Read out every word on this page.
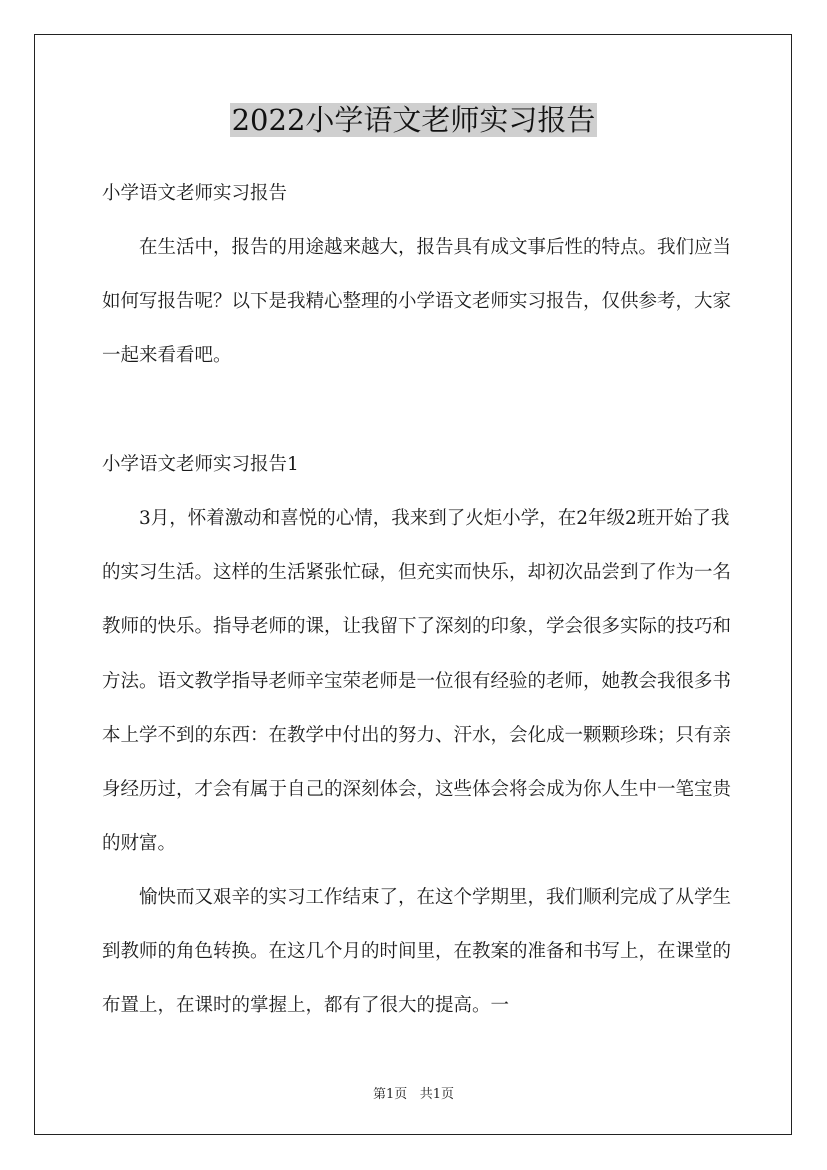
2022小学语文老师实习报告
小学语文老师实习报告

在生活中，报告的用途越来越大，报告具有成文事后性的特点。我们应当如何写报告呢？以下是我精心整理的小学语文老师实习报告，仅供参考，大家一起来看看吧。

小学语文老师实习报告1

3月，怀着激动和喜悦的心情，我来到了火炬小学，在2年级2班开始了我的实习生活。这样的生活紧张忙碌，但充实而快乐，却初次品尝到了作为一名教师的快乐。指导老师的课，让我留下了深刻的印象，学会很多实际的技巧和方法。语文教学指导老师辛宝荣老师是一位很有经验的老师，她教会我很多书本上学不到的东西：在教学中付出的努力、汗水，会化成一颗颗珍珠；只有亲身经历过，才会有属于自己的深刻体会，这些体会将会成为你人生中一笔宝贵的财富。

愉快而又艰辛的实习工作结束了，在这个学期里，我们顺利完成了从学生到教师的角色转换。在这几个月的时间里，在教案的准备和书写上，在课堂的布置上，在课时的掌握上，都有了很大的提高。一

第1页 共1页
